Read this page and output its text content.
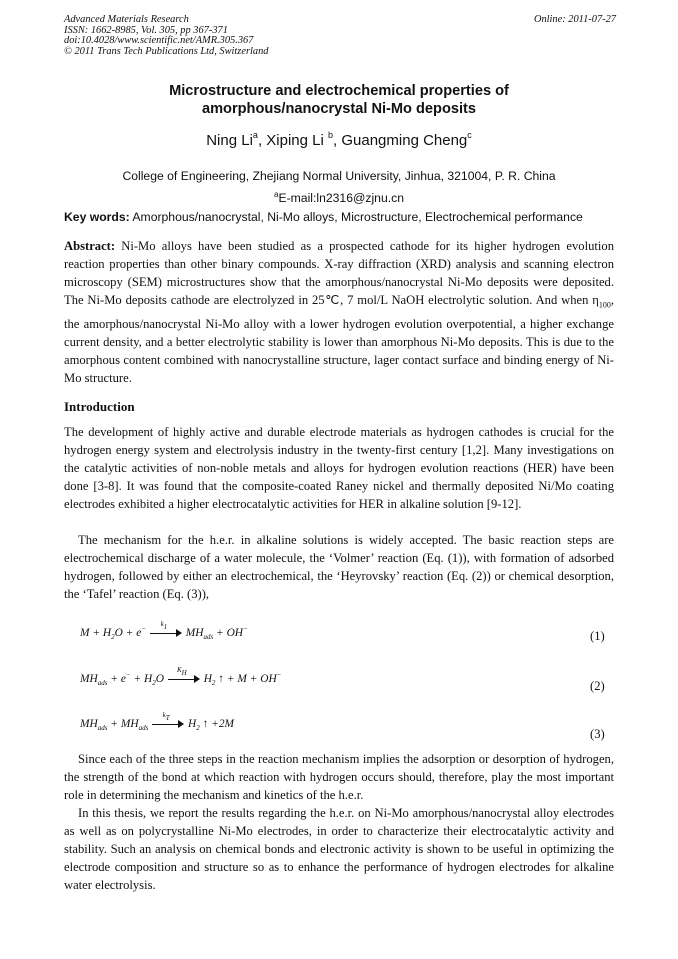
Advanced Materials Research
ISSN: 1662-8985, Vol. 305, pp 367-371
doi:10.4028/www.scientific.net/AMR.305.367
© 2011 Trans Tech Publications Ltd, Switzerland
Online: 2011-07-27
Microstructure and electrochemical properties of
amorphous/nanocrystal Ni-Mo deposits
Ning Li$^a$, Xiping Li $^b$, Guangming Cheng$^c$
College of Engineering, Zhejiang Normal University, Jinhua, 321004, P. R. China
$^a$E-mail:ln2316@zjnu.cn
Key words: Amorphous/nanocrystal, Ni-Mo alloys, Microstructure, Electrochemical performance

Abstract: Ni-Mo alloys have been studied as a prospected cathode for its higher hydrogen evolution reaction properties than other binary compounds. X-ray diffraction (XRD) analysis and scanning electron microscopy (SEM) microstructures show that the amorphous/nanocrystal Ni-Mo deposits were deposited. The Ni-Mo deposits cathode are electrolyzed in 25℃, 7 mol/L NaOH electrolytic solution. And when $\eta_{100}$, the amorphous/nanocrystal Ni-Mo alloy with a lower hydrogen evolution overpotential, a higher exchange current density, and a better electrolytic stability is lower than amorphous Ni-Mo deposits. This is due to the amorphous content combined with nanocrystalline structure, lager contact surface and binding energy of Ni-Mo structure.

Introduction

The development of highly active and durable electrode materials as hydrogen cathodes is crucial for the hydrogen energy system and electrolysis industry in the twenty-first century [1,2]. Many investigations on the catalytic activities of non-noble metals and alloys for hydrogen evolution reactions (HER) have been done [3-8]. It was found that the composite-coated Raney nickel and thermally deposited Ni/Mo coating electrodes exhibited a higher electrocatalytic activities for HER in alkaline solution [9-12].

The mechanism for the h.e.r. in alkaline solutions is widely accepted. The basic reaction steps are electrochemical discharge of a water molecule, the ‘Volmer’ reaction (Eq. (1)), with formation of adsorbed hydrogen, followed by either an electrochemical, the ‘Heyrovsky’ reaction (Eq. (2)) or chemical desorption, the ‘Tafel’ reaction (Eq. (3)),

$M + H_2O + e^-$
k1	$MH_{ads} + OH^-$	(1)
$MH_{ads} + e^- + H_2O$
KH	$H_2$ ↑ + M + OH−
(2)
$MH_{ads} + MH_{ads}$
kT	$H_2$ ↑ +2M
(3)

Since each of the three steps in the reaction mechanism implies the adsorption or desorption of hydrogen, the strength of the bond at which reaction with hydrogen occurs should, therefore, play the most important role in determining the mechanism and kinetics of the h.e.r.

In this thesis, we report the results regarding the h.e.r. on Ni-Mo amorphous/nanocrystal alloy electrodes as well as on polycrystalline Ni-Mo electrodes, in order to characterize their electrocatalytic activity and stability. Such an analysis on chemical bonds and electronic activity is shown to be useful in optimizing the electrode composition and structure so as to enhance the performance of hydrogen electrodes for alkaline water electrolysis.
